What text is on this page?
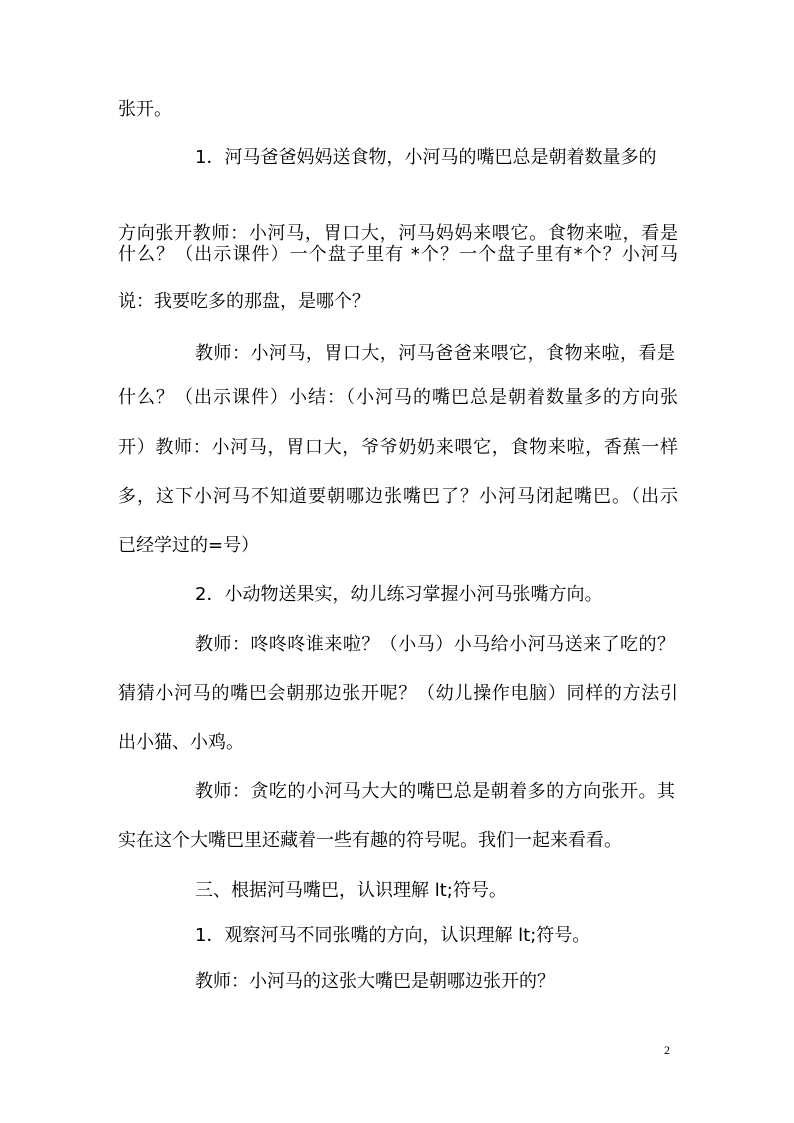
张开。
1．河马爸爸妈妈送食物，小河马的嘴巴总是朝着数量多的
方向张开教师：小河马，胃口大，河马妈妈来喂它。食物来啦，看是
什么？（出示课件）一个盘子里有 *个？一个盘子里有*个？小河马
说：我要吃多的那盘，是哪个？
教师：小河马，胃口大，河马爸爸来喂它，食物来啦，看是
什么？（出示课件）小结：（小河马的嘴巴总是朝着数量多的方向张
开）教师：小河马，胃口大，爷爷奶奶来喂它，食物来啦，香蕉一样
多，这下小河马不知道要朝哪边张嘴巴了？小河马闭起嘴巴。（出示
已经学过的=号）
2．小动物送果实，幼儿练习掌握小河马张嘴方向。
教师：咚咚咚谁来啦？（小马）小马给小河马送来了吃的？
猜猜小河马的嘴巴会朝那边张开呢？（幼儿操作电脑）同样的方法引
出小猫、小鸡。
教师：贪吃的小河马大大的嘴巴总是朝着多的方向张开。其
实在这个大嘴巴里还藏着一些有趣的符号呢。我们一起来看看。
三、根据河马嘴巴，认识理解 lt;符号。
1．观察河马不同张嘴的方向，认识理解 lt;符号。
教师：小河马的这张大嘴巴是朝哪边张开的？
2
